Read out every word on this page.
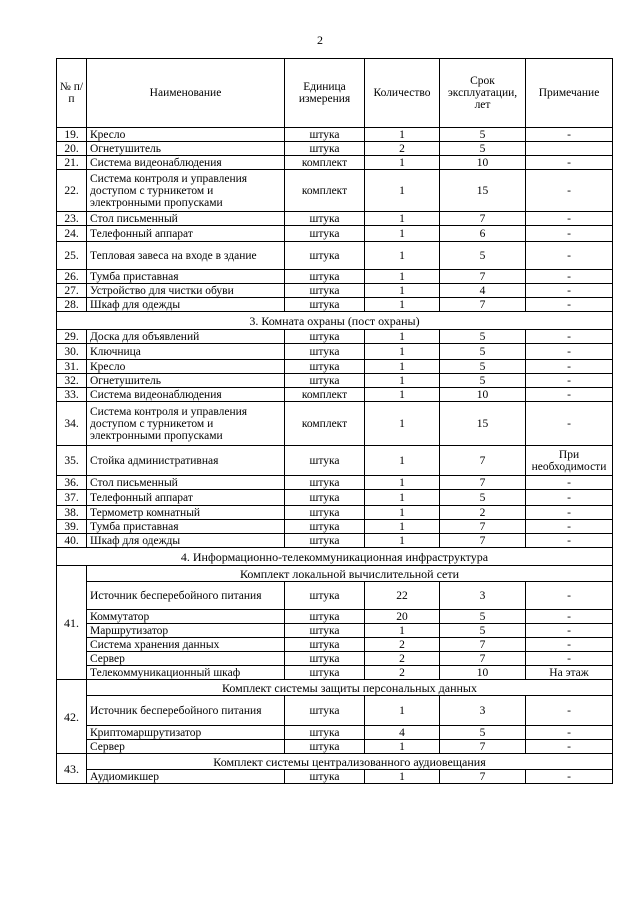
2
№ п/п	Наименование	Единица измерения	Количество	Срок эксплуатации, лет	Примечание
19.	Кресло	штука	1	5	-
20.	Огнетушитель	штука	2	5	
21.	Система видеонаблюдения	комплект	1	10	-
22.	Система контроля и управления доступом с турникетом и электронными пропусками	комплект	1	15	-
23.	Стол письменный	штука	1	7	-
24.	Телефонный аппарат	штука	1	6	-
25.	Тепловая завеса на входе в здание	штука	1	5	-
26.	Тумба приставная	штука	1	7	-
27.	Устройство для чистки обуви	штука	1	4	-
28.	Шкаф для одежды	штука	1	7	-
3. Комната охраны (пост охраны)					
29.	Доска для объявлений	штука	1	5	-
30.	Ключница	штука	1	5	-
31.	Кресло	штука	1	5	-
32.	Огнетушитель	штука	1	5	-
33.	Система видеонаблюдения	комплект	1	10	-
34.	Система контроля и управления доступом с турникетом и электронными пропусками	комплект	1	15	-
35.	Стойка административная	штука	1	7	При необходимости
36.	Стол письменный	штука	1	7	-
37.	Телефонный аппарат	штука	1	5	-
38.	Термометр комнатный	штука	1	2	-
39.	Тумба приставная	штука	1	7	-
40.	Шкаф для одежды	штука	1	7	-
4. Информационно-телекоммуникационная инфраструктура					
41.	Комплект локальной вычислительной сети				
	Источник бесперебойного питания	штука	22	3	-
	Коммутатор	штука	20	5	-
	Маршрутизатор	штука	1	5	-
	Система хранения данных	штука	2	7	-
	Сервер	штука	2	7	-
	Телекоммуникационный шкаф	штука	2	10	На этаж
42.	Комплект системы защиты персональных данных				
	Источник бесперебойного питания	штука	1	3	-
	Криптомаршрутизатор	штука	4	5	-
	Сервер	штука	1	7	-
43.	Комплект системы централизованного аудиовещания				
	Аудиомикшер	штука	1	7	-
